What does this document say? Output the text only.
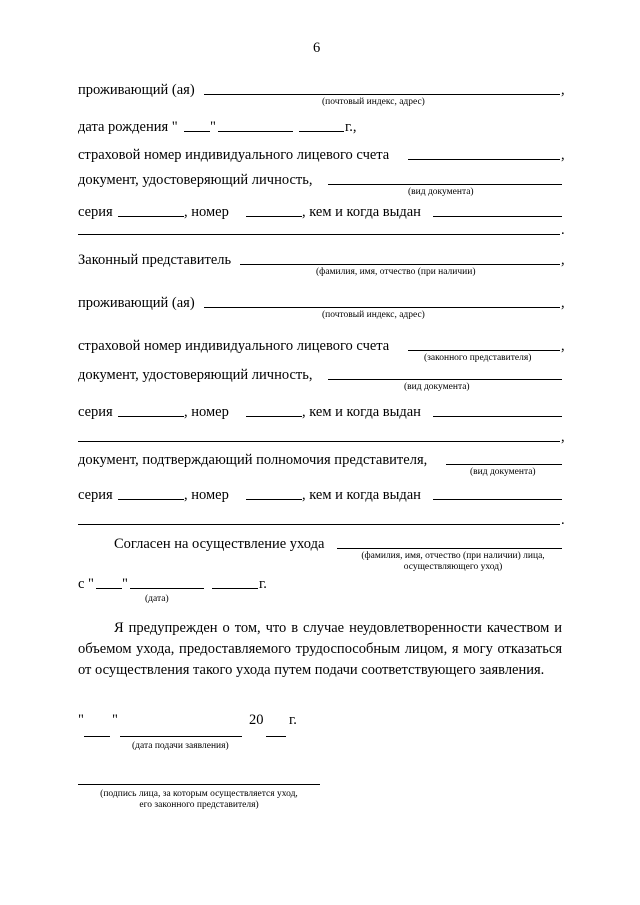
6
проживающий (ая)	,
(почтовый индекс, адрес)
дата рождения " "	г.,
страховой номер индивидуального лицевого счета	,
документ, удостоверяющий личность,
(вид документа)
серия	, номер	, кем и когда выдан
.
Законный представитель	,
(фамилия, имя, отчество (при наличии)
проживающий (ая)	,
(почтовый индекс, адрес)
страховой номер индивидуального лицевого счета	,
(законного представителя)
документ, удостоверяющий личность,
(вид документа)
серия	, номер	, кем и когда выдан
,
документ, подтверждающий полномочия представителя,
(вид документа)
серия	, номер	, кем и когда выдан
.
Согласен на осуществление ухода
(фамилия, имя, отчество (при наличии) лица,
осуществляющего уход)
с " "	г.
(дата)
Я предупрежден о том, что в случае неудовлетворенности качеством и объемом ухода, предоставляемого трудоспособным лицом, я могу отказаться от осуществления такого ухода путем подачи соответствующего заявления.
" "	20 г.
(дата подачи заявления)
(подпись лица, за которым осуществляется уход,
его законного представителя)
